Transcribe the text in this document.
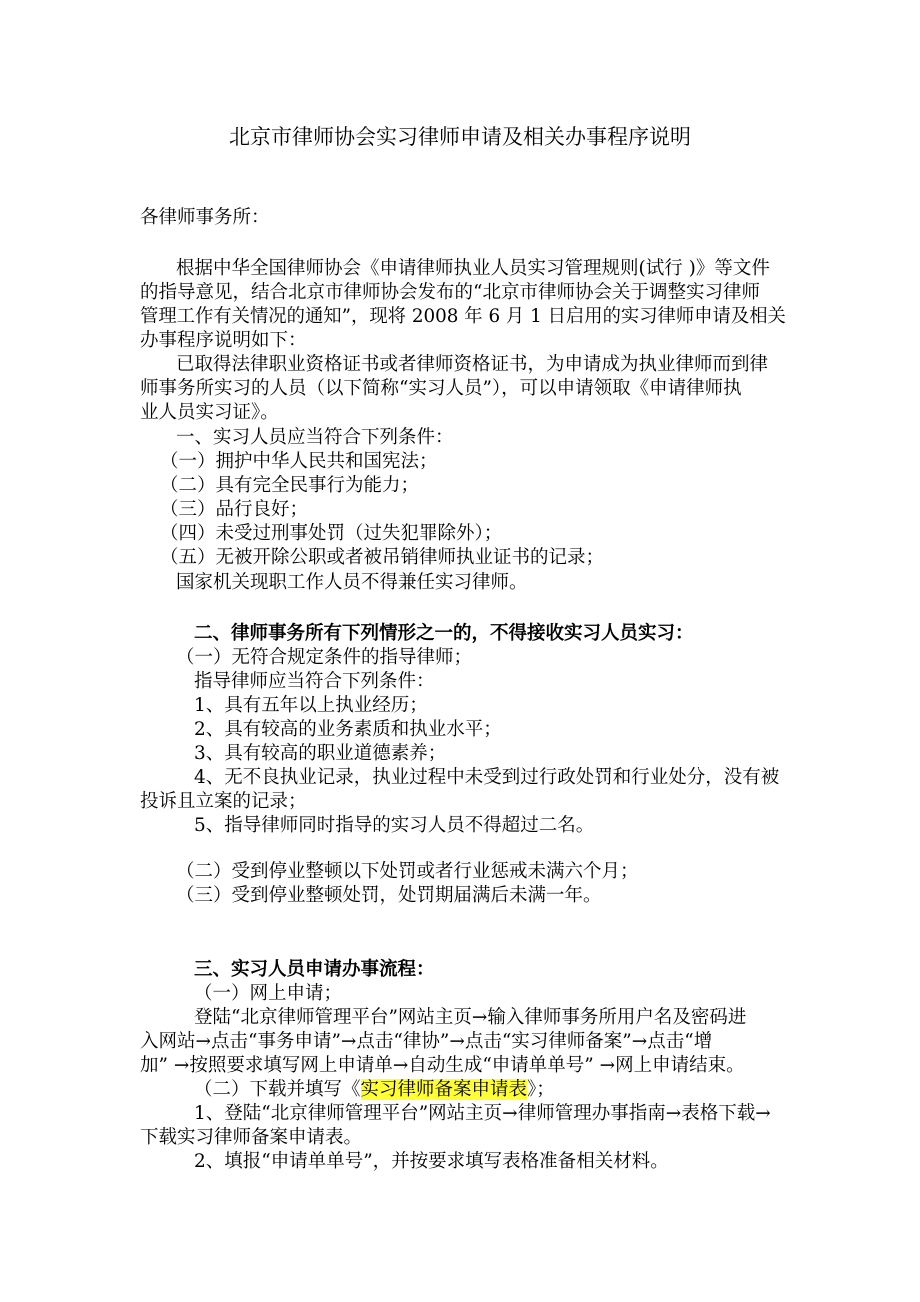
北京市律师协会实习律师申请及相关办事程序说明
各律师事务所：
根据中华全国律师协会《申请律师执业人员实习管理规则(试行 )》等文件
的指导意见，结合北京市律师协会发布的“北京市律师协会关于调整实习律师
管理工作有关情况的通知”，现将 2008 年 6 月 1 日启用的实习律师申请及相关
办事程序说明如下：
已取得法律职业资格证书或者律师资格证书，为申请成为执业律师而到律
师事务所实习的人员（以下简称“实习人员”），可以申请领取《申请律师执
业人员实习证》。
一、实习人员应当符合下列条件：
（一）拥护中华人民共和国宪法；
（二）具有完全民事行为能力；
（三）品行良好；
（四）未受过刑事处罚（过失犯罪除外）；
（五）无被开除公职或者被吊销律师执业证书的记录；
国家机关现职工作人员不得兼任实习律师。
二、律师事务所有下列情形之一的，不得接收实习人员实习：
（一）无符合规定条件的指导律师；
指导律师应当符合下列条件：
1、具有五年以上执业经历；
2、具有较高的业务素质和执业水平；
3、具有较高的职业道德素养；
4、无不良执业记录，执业过程中未受到过行政处罚和行业处分，没有被
投诉且立案的记录；
5、指导律师同时指导的实习人员不得超过二名。
（二）受到停业整顿以下处罚或者行业惩戒未满六个月；
（三）受到停业整顿处罚，处罚期届满后未满一年。
三、实习人员申请办事流程：
（一）网上申请；
登陆“北京律师管理平台”网站主页→输入律师事务所用户名及密码进
入网站→点击“事务申请”→点击“律协”→点击“实习律师备案”→点击“增
加” →按照要求填写网上申请单→自动生成“申请单单号” →网上申请结束。
（二）下载并填写《实习律师备案申请表》；
1、登陆“北京律师管理平台”网站主页→律师管理办事指南→表格下载→
下载实习律师备案申请表。
2、填报“申请单单号”，并按要求填写表格准备相关材料。
